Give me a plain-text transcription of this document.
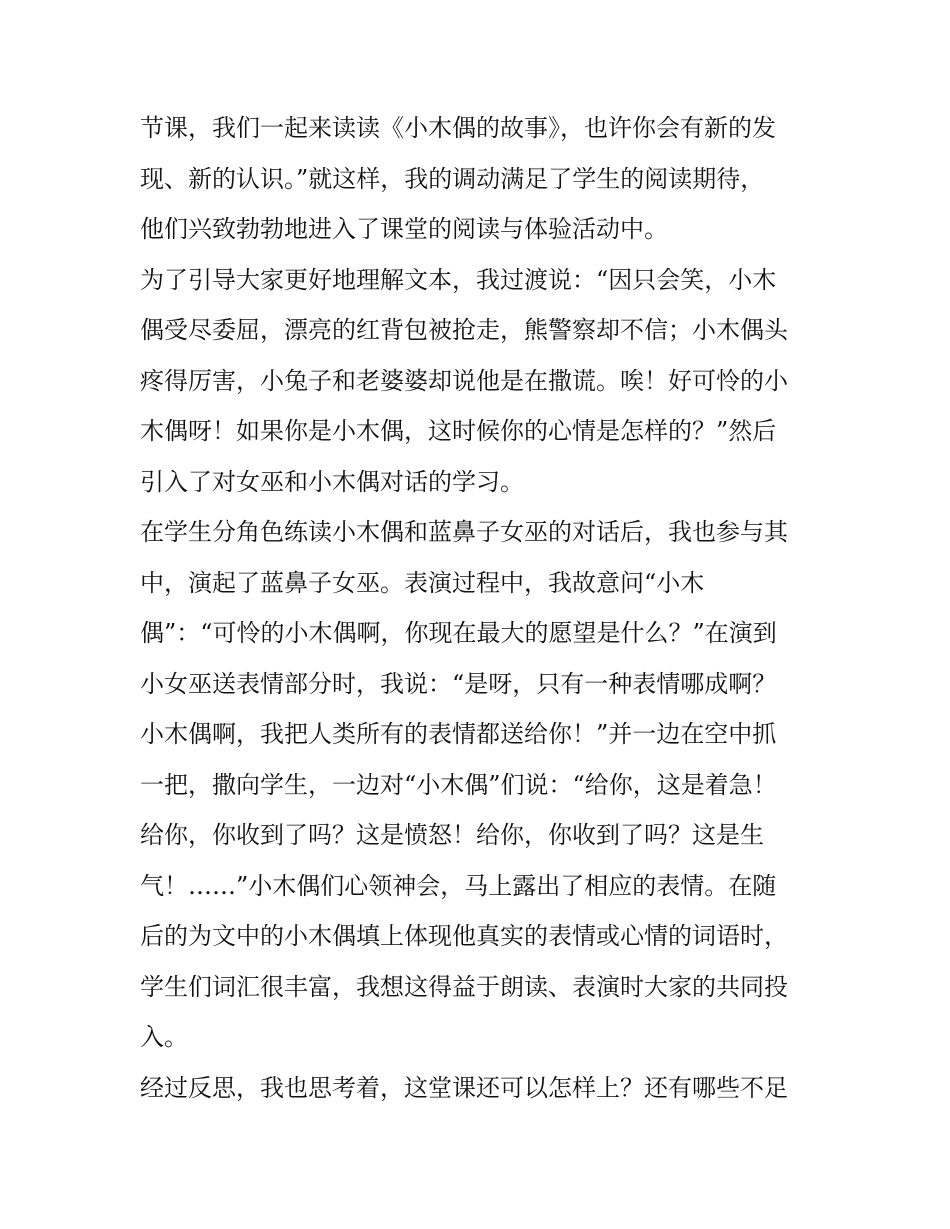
节课，我们一起来读读《小木偶的故事》，也许你会有新的发
现、新的认识。”就这样，我的调动满足了学生的阅读期待，
他们兴致勃勃地进入了课堂的阅读与体验活动中。
为了引导大家更好地理解文本，我过渡说：“因只会笑，小木
偶受尽委屈，漂亮的红背包被抢走，熊警察却不信；小木偶头
疼得厉害，小兔子和老婆婆却说他是在撒谎。唉！好可怜的小
木偶呀！如果你是小木偶，这时候你的心情是怎样的？”然后
引入了对女巫和小木偶对话的学习。
在学生分角色练读小木偶和蓝鼻子女巫的对话后，我也参与其
中，演起了蓝鼻子女巫。表演过程中，我故意问“小木
偶”：“可怜的小木偶啊，你现在最大的愿望是什么？”在演到
小女巫送表情部分时，我说：“是呀，只有一种表情哪成啊？
小木偶啊，我把人类所有的表情都送给你！”并一边在空中抓
一把，撒向学生，一边对“小木偶”们说：“给你，这是着急！
给你，你收到了吗？这是愤怒！给你，你收到了吗？这是生
气！……”小木偶们心领神会，马上露出了相应的表情。在随
后的为文中的小木偶填上体现他真实的表情或心情的词语时，
学生们词汇很丰富，我想这得益于朗读、表演时大家的共同投
入。
经过反思，我也思考着，这堂课还可以怎样上？还有哪些不足
